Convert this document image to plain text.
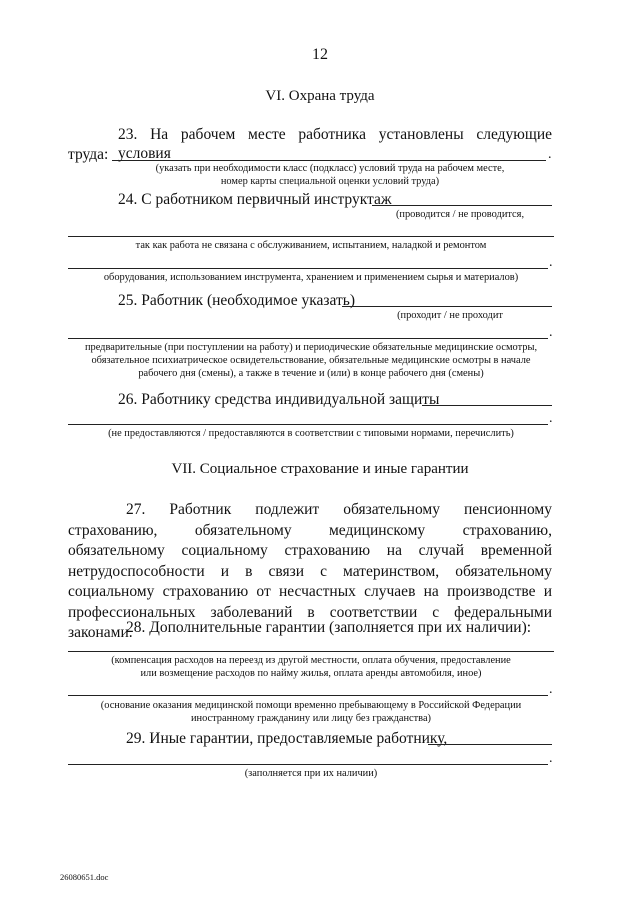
12
VI. Охрана труда
23. На рабочем месте работника установлены следующие условия
труда:	.
(указать при необходимости класс (подкласс) условий труда на рабочем месте,
номер карты специальной оценки условий труда)
24. С работником первичный инструктаж
(проводится / не проводится,
так как работа не связана с обслуживанием, испытанием, наладкой и ремонтом
.
оборудования, использованием инструмента, хранением и применением сырья и материалов)
25. Работник (необходимое указать)
(проходит / не проходит
.
предварительные (при поступлении на работу) и периодические обязательные медицинские осмотры,
обязательное психиатрическое освидетельствование, обязательные медицинские осмотры в начале
рабочего дня (смены), а также в течение и (или) в конце рабочего дня (смены)
26. Работнику средства индивидуальной защиты
.
(не предоставляются / предоставляются в соответствии с типовыми нормами, перечислить)
VII. Социальное страхование и иные гарантии
27. Работник подлежит обязательному пенсионному страхованию, обязательному медицинскому страхованию, обязательному социальному страхованию на случай временной нетрудоспособности и в связи с материнством, обязательному социальному страхованию от несчастных случаев на производстве и профессиональных заболеваний в соответствии с федеральными законами.
28. Дополнительные гарантии (заполняется при их наличии):
(компенсация расходов на переезд из другой местности, оплата обучения, предоставление
или возмещение расходов по найму жилья, оплата аренды автомобиля, иное)
.
(основание оказания медицинской помощи временно пребывающему в Российской Федерации
иностранному гражданину или лицу без гражданства)
29. Иные гарантии, предоставляемые работнику,
.
(заполняется при их наличии)
26080651.doc
